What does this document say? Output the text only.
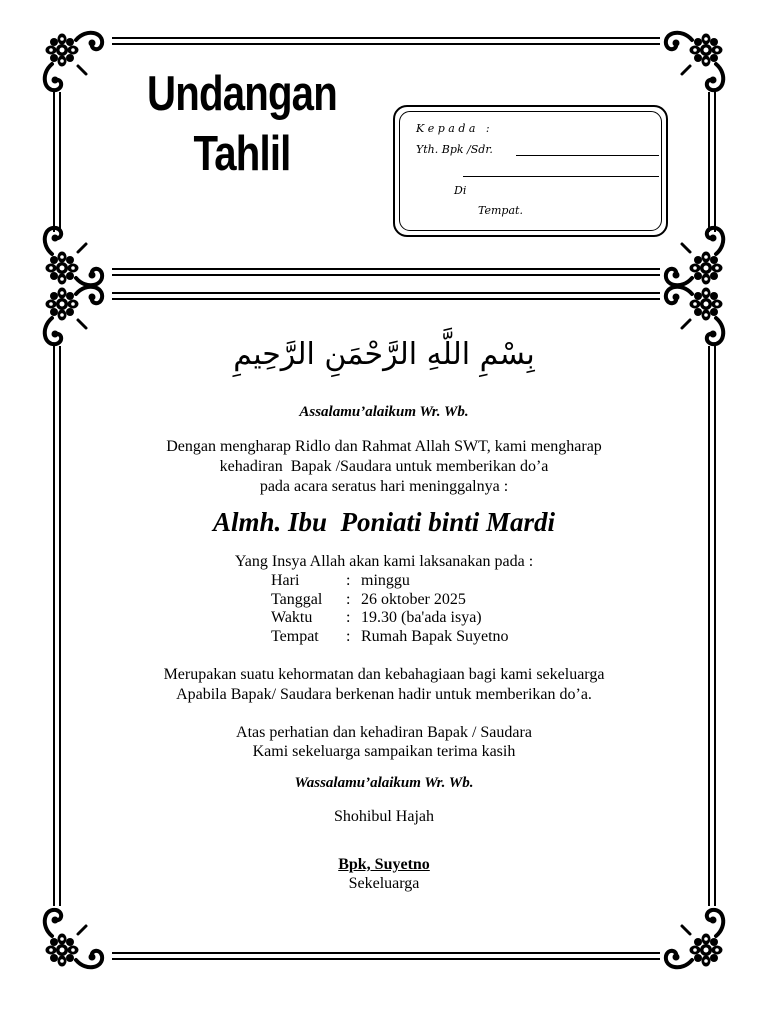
Undangan
Tahlil	K e p a d a   :
Yth. Bpk /Sdr.
Di
Tempat.
بِسْمِ اللَّهِ الرَّحْمَنِ الرَّحِيمِ
Assalamu’alaikum Wr. Wb.
Dengan mengharap Ridlo dan Rahmat Allah SWT, kami mengharap
kehadiran  Bapak /Saudara untuk memberikan do’a
pada acara seratus hari meninggalnya :
Almh. Ibu  Poniati binti Mardi
Yang Insya Allah akan kami laksanakan pada :
Hari	: minggu
Tanggal : 26 oktober 2025
Waktu : 19.30 (ba'ada isya)
Tempat : Rumah Bapak Suyetno
Merupakan suatu kehormatan dan kebahagiaan bagi kami sekeluarga
Apabila Bapak/ Saudara berkenan hadir untuk memberikan do’a.
Atas perhatian dan kehadiran Bapak / Saudara
Kami sekeluarga sampaikan terima kasih
Wassalamu’alaikum Wr. Wb.
Shohibul Hajah
Bpk, Suyetno
Sekeluarga
